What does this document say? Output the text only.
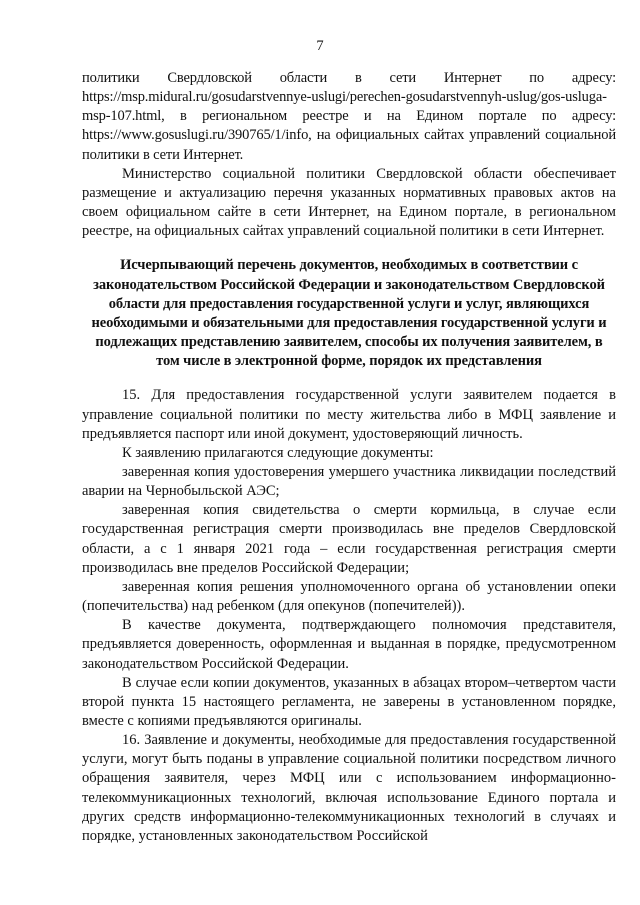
7

политики Свердловской области в сети Интернет по адресу: https://msp.midural.ru/gosudarstvennye-uslugi/perechen-gosudarstvennyh-uslug/gos-usluga-msp-107.html, в региональном реестре и на Едином портале по адресу: https://www.gosuslugi.ru/390765/1/info, на официальных сайтах управлений социальной политики в сети Интернет.

Министерство социальной политики Свердловской области обеспечивает размещение и актуализацию перечня указанных нормативных правовых актов на своем официальном сайте в сети Интернет, на Едином портале, в региональном реестре, на официальных сайтах управлений социальной политики в сети Интернет.

Исчерпывающий перечень документов, необходимых в соответствии с законодательством Российской Федерации и законодательством Свердловской области для предоставления государственной услуги и услуг, являющихся необходимыми и обязательными для предоставления государственной услуги и подлежащих представлению заявителем, способы их получения заявителем, в том числе в электронной форме, порядок их представления

15. Для предоставления государственной услуги заявителем подается в управление социальной политики по месту жительства либо в МФЦ заявление и предъявляется паспорт или иной документ, удостоверяющий личность.

К заявлению прилагаются следующие документы:

заверенная копия удостоверения умершего участника ликвидации последствий аварии на Чернобыльской АЭС;

заверенная копия свидетельства о смерти кормильца, в случае если государственная регистрация смерти производилась вне пределов Свердловской области, а с 1 января 2021 года – если государственная регистрация смерти производилась вне пределов Российской Федерации;

заверенная копия решения уполномоченного органа об установлении опеки (попечительства) над ребенком (для опекунов (попечителей)).

В качестве документа, подтверждающего полномочия представителя, предъявляется доверенность, оформленная и выданная в порядке, предусмотренном законодательством Российской Федерации.

В случае если копии документов, указанных в абзацах втором–четвертом части второй пункта 15 настоящего регламента, не заверены в установленном порядке, вместе с копиями предъявляются оригиналы.

16. Заявление и документы, необходимые для предоставления государственной услуги, могут быть поданы в управление социальной политики посредством личного обращения заявителя, через МФЦ или с использованием информационно-телекоммуникационных технологий, включая использование Единого портала и других средств информационно-телекоммуникационных технологий в случаях и порядке, установленных законодательством Российской
